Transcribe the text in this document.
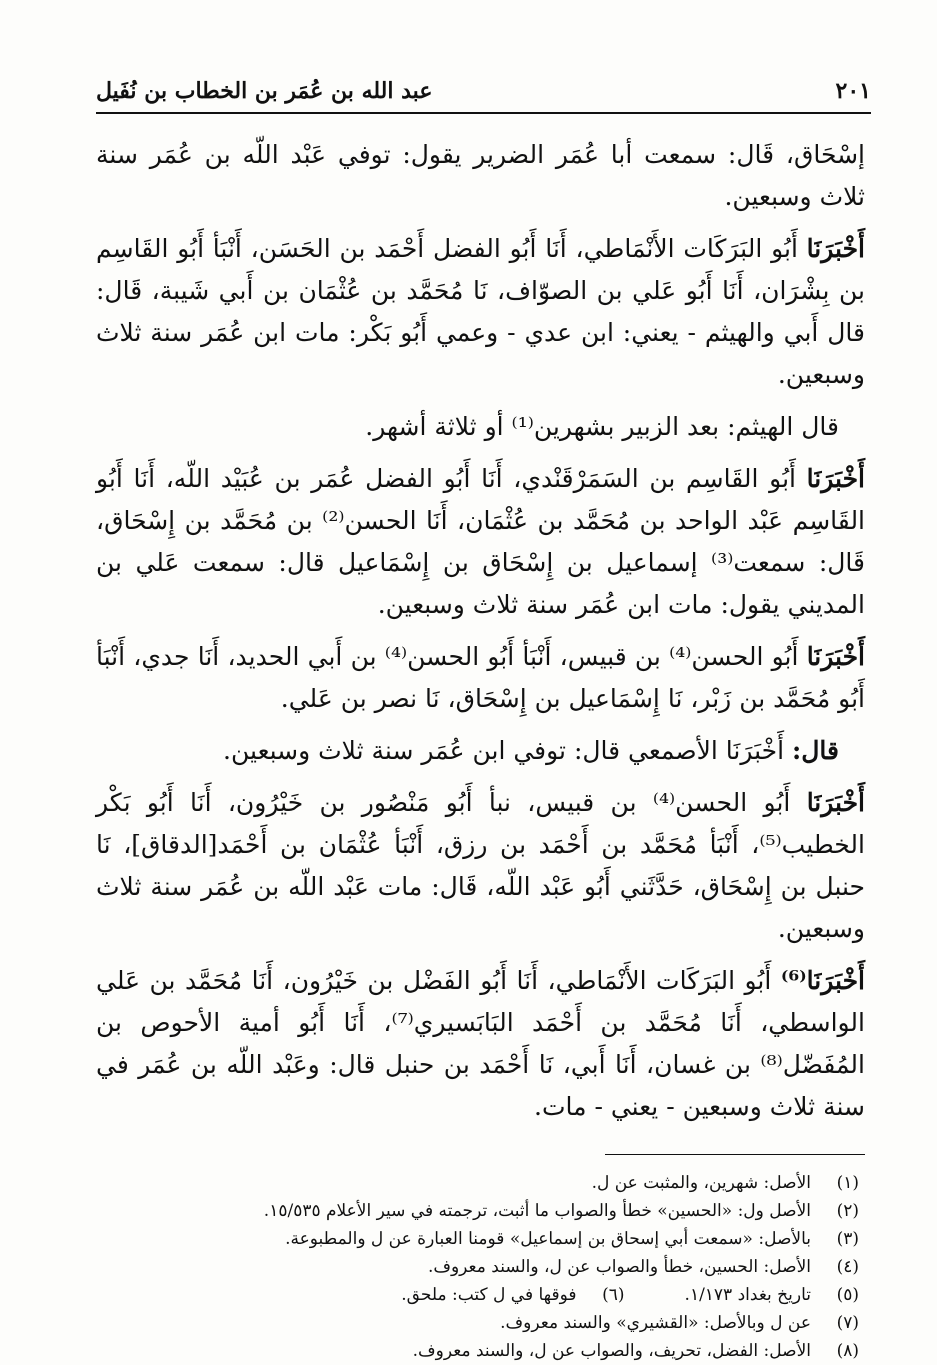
عبد الله بن عُمَر بن الخطاب بن نُفَيل	٢٠١

إسْحَاق، قَال: سمعت أبا عُمَر الضرير يقول: توفي عَبْد اللّه بن عُمَر سنة ثلاث وسبعين.

أَخْبَرَنَا أَبُو البَرَكَات الأَنْمَاطي، أَنَا أَبُو الفضل أَحْمَد بن الحَسَن، أَنْبَأ أَبُو القَاسِم بن بِشْرَان، أَنَا أَبُو عَلي بن الصوّاف، نَا مُحَمَّد بن عُثْمَان بن أَبي شَيبة، قَال: قال أَبي والهيثم - يعني: ابن عدي - وعمي أَبُو بَكْر: مات ابن عُمَر سنة ثلاث وسبعين.

قال الهيثم: بعد الزبير بشهرين⁽¹⁾ أو ثلاثة أشهر.

أَخْبَرَنَا أَبُو القَاسِم بن السَمَرْقَنْدي، أَنَا أَبُو الفضل عُمَر بن عُبَيْد اللّه، أَنَا أَبُو القَاسِم عَبْد الواحد بن مُحَمَّد بن عُثْمَان، أَنَا الحسن⁽²⁾ بن مُحَمَّد بن إِسْحَاق، قَال: سمعت⁽³⁾ إسماعيل بن إِسْحَاق بن إِسْمَاعيل قال: سمعت عَلي بن المديني يقول: مات ابن عُمَر سنة ثلاث وسبعين.

أَخْبَرَنَا أَبُو الحسن⁽⁴⁾ بن قبيس، أَنْبَأ أَبُو الحسن⁽⁴⁾ بن أَبي الحديد، أَنَا جدي، أَنْبَأ أَبُو مُحَمَّد بن زَبْر، نَا إِسْمَاعيل بن إِسْحَاق، نَا نصر بن عَلي.

قال: أَخْبَرَنَا الأصمعي قال: توفي ابن عُمَر سنة ثلاث وسبعين.

أَخْبَرَنَا أَبُو الحسن⁽⁴⁾ بن قبيس، نبأ أَبُو مَنْصُور بن خَيْرُون، أَنَا أَبُو بَكْر الخطيب⁽⁵⁾، أَنْبَأ مُحَمَّد بن أَحْمَد بن رزق، أَنْبَأ عُثْمَان بن أَحْمَد[الدقاق]، نَا حنبل بن إِسْحَاق، حَدَّثَني أَبُو عَبْد اللّه، قَال: مات عَبْد اللّه بن عُمَر سنة ثلاث وسبعين.

أَخْبَرَنَا⁽⁶⁾ أَبُو البَرَكَات الأَنْمَاطي، أَنَا أَبُو الفَضْل بن خَيْرُون، أَنَا مُحَمَّد بن عَلي الواسطي، أَنَا مُحَمَّد بن أَحْمَد البَابَسيري⁽⁷⁾، أَنَا أَبُو أمية الأحوص بن المُفَضّل⁽⁸⁾ بن غسان، أَنَا أَبي، نَا أَحْمَد بن حنبل قال: وعَبْد اللّه بن عُمَر في سنة ثلاث وسبعين - يعني - مات.

(١)
الأصل: شهرين، والمثبت عن ل.
(٢)
الأصل ول: «الحسين» خطأ والصواب ما أثبت، ترجمته في سير الأعلام ١٥/٥٣٥.
(٣)
بالأصل: «سمعت أبي إسحاق بن إسماعيل» قومنا العبارة عن ل والمطبوعة.
(٤)
الأصل: الحسين، خطأ والصواب عن ل، والسند معروف.
(٥)
تاريخ بغداد ١/١٧٣.
(٦)
فوقها في ل كتب: ملحق.
(٧)
عن ل وبالأصل: «القشيري» والسند معروف.
(٨)
الأصل: الفضل، تحريف، والصواب عن ل، والسند معروف.
